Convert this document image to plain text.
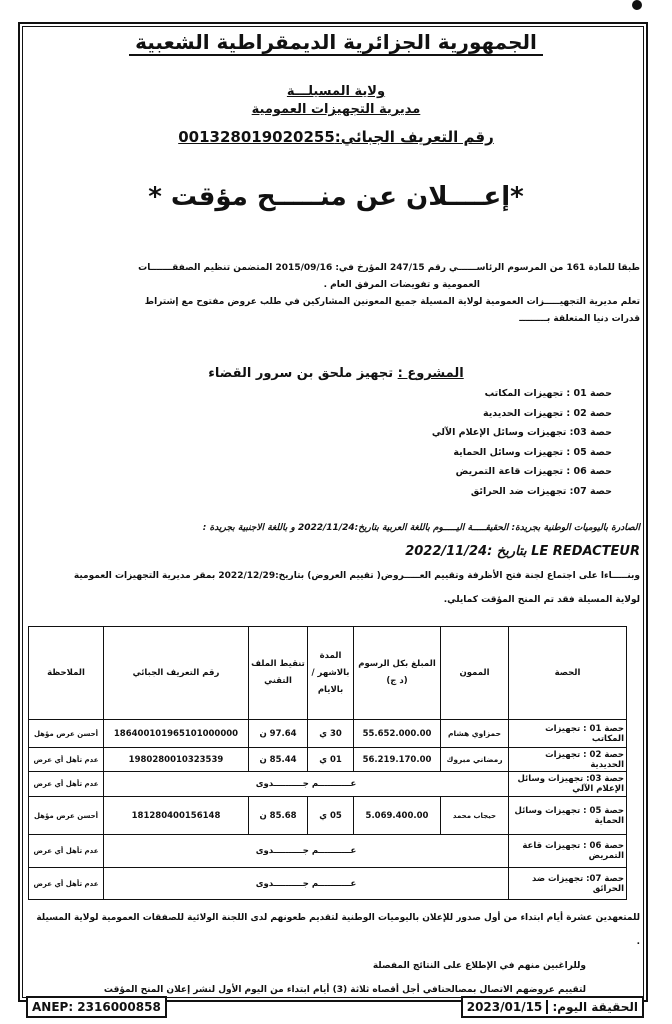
الجمهورية الجزائرية الديمقراطية الشعبية
ولاية المسيلـــة
مديرية التجهيزات العمومية
رقم التعريف الجبائي:001328019020255
*إعــــلان عن منـــــح مؤقت *
طبقا للمادة 161 من المرسوم الرئاســــــي رقم 247/15 المؤرخ في: 2015/09/16 المتضمن تنظيم الصفقـــــــات
العمومية و تفويضات المرفق العام .
تعلم مديرية التجهيـــــزات العمومية لولاية المسيلة جميع المعونين المشاركين في طلب عروض مفتوح مع إشتراط
قدرات دنيا المتعلقة بـــــــــ
المشروع : تجهيز ملحق بن سرور القضاء
حصة 01 : تجهيزات المكاتب
حصة 02 : تجهيزات الحديدية
حصة 03: تجهيزات وسائل الإعلام الآلي
حصة 05 : تجهيزات وسائل الحماية
حصة 06 : تجهيزات قاعة التمريض
حصة 07: تجهيزات ضد الحرائق
الصادرة باليوميات الوطنية بجريدة: الحقيقـــــة اليـــــوم باللغة العربية بتاريخ:2022/11/24 و باللغة الاجنبية بجريدة :
LE REDACTEUR بتاريخ :2022/11/24
وبنـــــاءا على اجتماع لجنة فتح الأظرفة وتقييم العـــــروض( تقييم العروض) بتاريخ:2022/12/29 بمقر مديرية التجهيزات العمومية
لولاية المسيلة فقد تم المنح المؤقت كمايلي.
الحصة	الممون	المبلغ بكل الرسوم (د ج)	المدة بالاشهر / بالايام	تنقيط الملف التقني	رقم التعريف الجبائي	الملاحظة
حصة 01 : تجهيزات المكاتب	حمزاوي هشام	55.652.000.00	30 ي	97.64 ن	186400101965101000000	أحسن عرض مؤهل
حصة 02 : تجهيزات الحديدية	رمضاني مبروك	56.219.170.00	01 ي	85.44 ن	1980280010323539	عدم تأهل أي عرض
حصة 03: تجهيزات وسائل الإعلام الآلي	عـــــــــــم جــــــــــدوى					عدم تأهل أي عرض
حصة 05 : تجهيزات وسائل الحماية	حيجاب محمد	5.069.400.00	05 ي	85.68 ن	181280400156148	أحسن عرض مؤهل
حصة 06 : تجهيزات قاعة التمريض	عـــــــــــم جــــــــــدوى					عدم تأهل أي عرض
حصة 07: تجهيزات ضد الحرائق	عـــــــــــم جــــــــــدوى					عدم تأهل أي عرض
للمتعهدين عشرة أيام ابتداء من أول صدور للإعلان باليوميات الوطنية لتقديم طعونهم لدى اللجنة الولائية للصفقات العمومية لولاية المسيلة .
وللراغبين منهم في الإطلاع على النتائج المفصلة
لتقييم عروضهم الاتصال بمصالحنافي أجل أقصاه ثلاثة (3) أيام ابتداء من اليوم الأول لنشر إعلان المنح المؤقت
ANEP: 2316000858	الحقيقة اليوم: 2023/01/15
